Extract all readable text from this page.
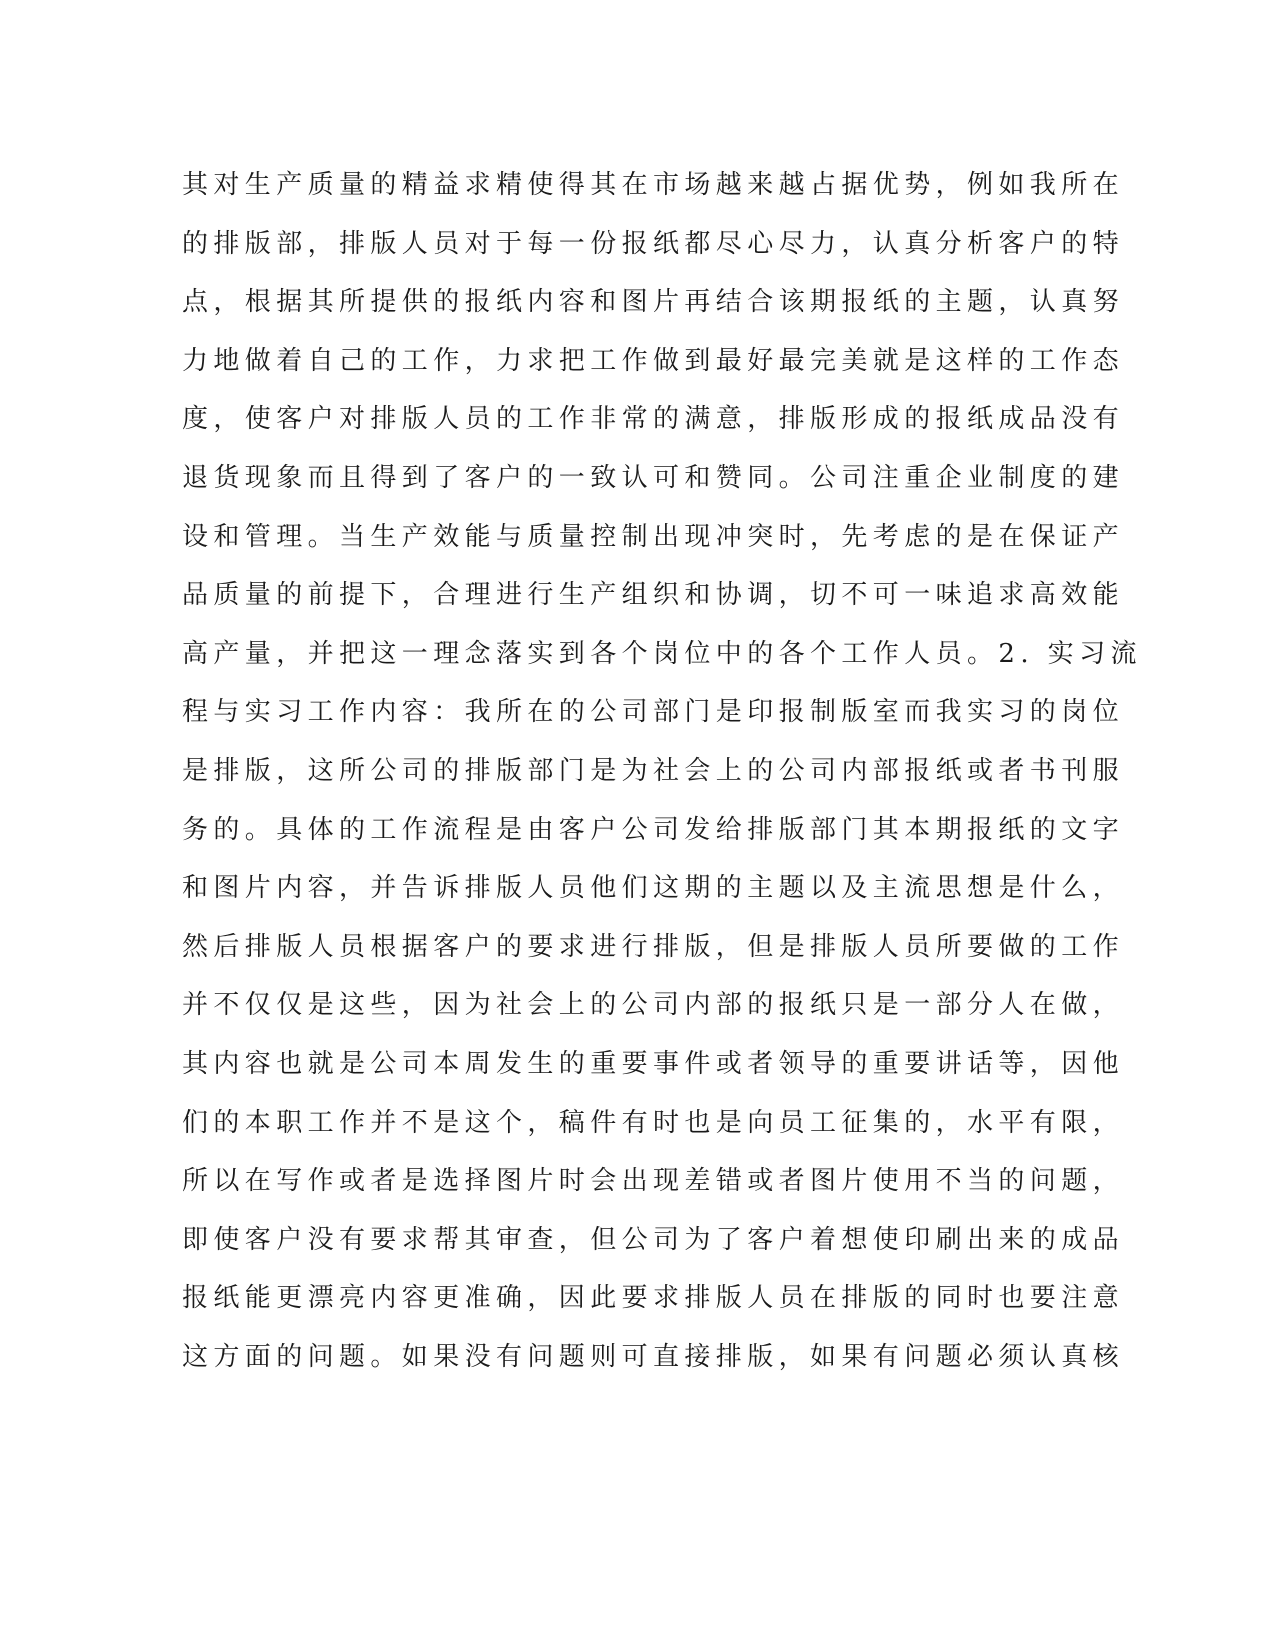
其对生产质量的精益求精使得其在市场越来越占据优势，例如我所在
的排版部，排版人员对于每一份报纸都尽心尽力，认真分析客户的特
点，根据其所提供的报纸内容和图片再结合该期报纸的主题，认真努
力地做着自己的工作，力求把工作做到最好最完美就是这样的工作态
度，使客户对排版人员的工作非常的满意，排版形成的报纸成品没有
退货现象而且得到了客户的一致认可和赞同。公司注重企业制度的建
设和管理。当生产效能与质量控制出现冲突时，先考虑的是在保证产
品质量的前提下，合理进行生产组织和协调，切不可一味追求高效能
高产量，并把这一理念落实到各个岗位中的各个工作人员。2. 实习流
程与实习工作内容：我所在的公司部门是印报制版室而我实习的岗位
是排版，这所公司的排版部门是为社会上的公司内部报纸或者书刊服
务的。具体的工作流程是由客户公司发给排版部门其本期报纸的文字
和图片内容，并告诉排版人员他们这期的主题以及主流思想是什么，
然后排版人员根据客户的要求进行排版，但是排版人员所要做的工作
并不仅仅是这些，因为社会上的公司内部的报纸只是一部分人在做，
其内容也就是公司本周发生的重要事件或者领导的重要讲话等，因他
们的本职工作并不是这个，稿件有时也是向员工征集的，水平有限，
所以在写作或者是选择图片时会出现差错或者图片使用不当的问题，
即使客户没有要求帮其审查，但公司为了客户着想使印刷出来的成品
报纸能更漂亮内容更准确，因此要求排版人员在排版的同时也要注意
这方面的问题。如果没有问题则可直接排版，如果有问题必须认真核
